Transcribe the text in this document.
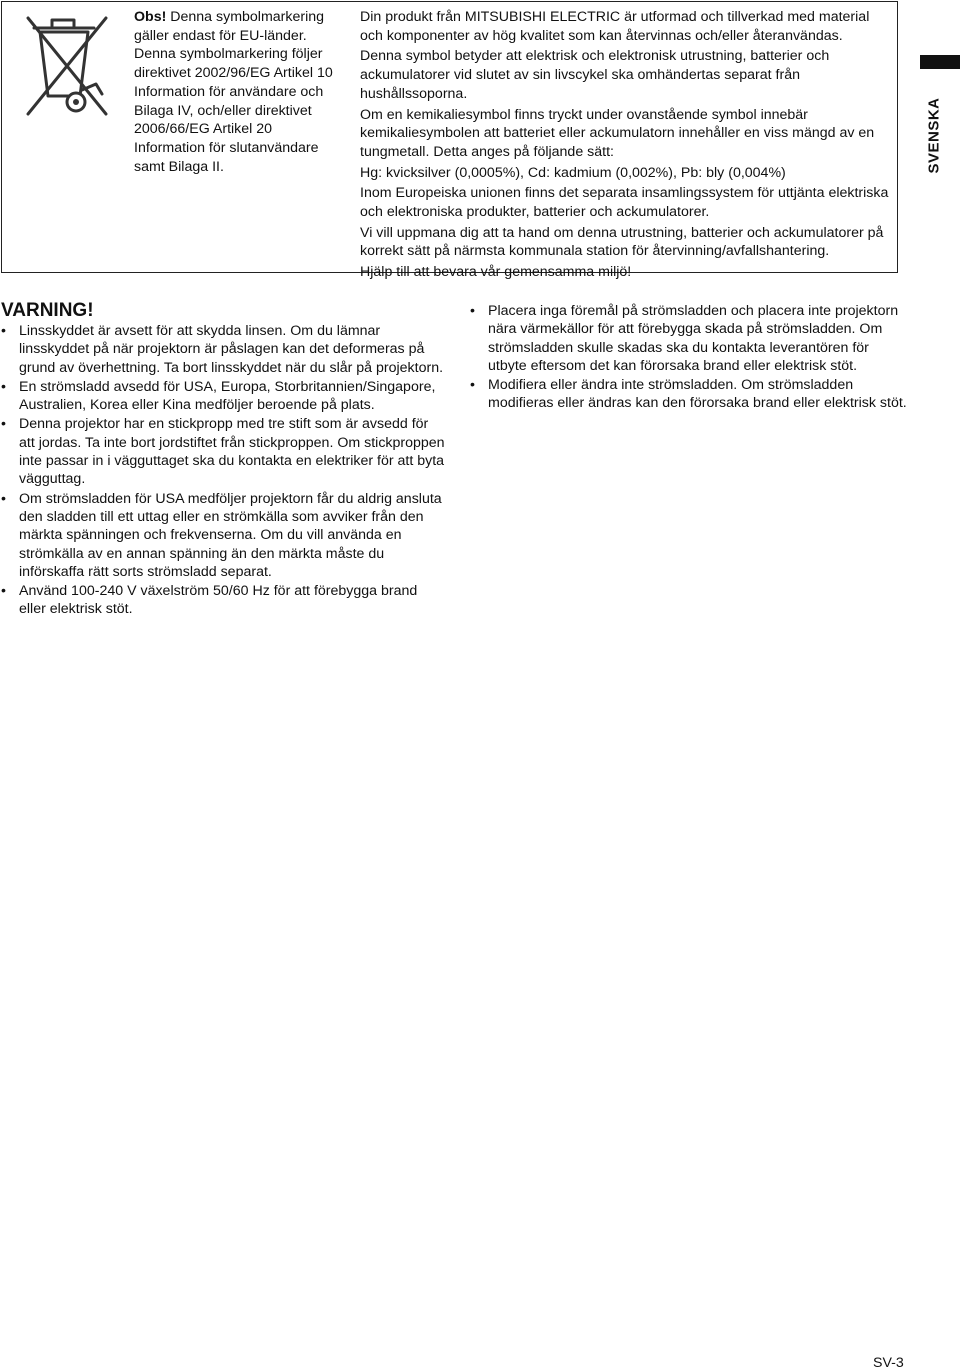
Obs! Denna symbolmarkering gäller endast för EU-länder.

Denna symbolmarkering följer direktivet 2002/96/EG Artikel 10 Information för användare och Bilaga IV, och/eller direktivet 2006/66/EG Artikel 20 Information för slutanvändare samt Bilaga II.

Din produkt från MITSUBISHI ELECTRIC är utformad och tillverkad med material och komponenter av hög kvalitet som kan återvinnas och/eller återanvändas.

Denna symbol betyder att elektrisk och elektronisk utrustning, batterier och ackumulatorer vid slutet av sin livscykel ska omhändertas separat från hushållssoporna.

Om en kemikaliesymbol finns tryckt under ovanstående symbol innebär kemikaliesymbolen att batteriet eller ackumulatorn innehåller en viss mängd av en tungmetall. Detta anges på följande sätt:

Hg: kvicksilver (0,0005%), Cd: kadmium (0,002%), Pb: bly (0,004%)

Inom Europeiska unionen finns det separata insamlingssystem för uttjänta elektriska och elektroniska produkter, batterier och ackumulatorer.

Vi vill uppmana dig att ta hand om denna utrustning, batterier och ackumulatorer på korrekt sätt på närmsta kommunala station för återvinning/avfallshantering.

Hjälp till att bevara vår gemensamma miljö!

SVENSKA
VARNING!
• Linsskyddet är avsett för att skydda linsen. Om du lämnar linsskyddet på när projektorn är påslagen kan det deformeras på grund av överhettning. Ta bort linsskyddet när du slår på projektorn.
• En strömsladd avsedd för USA, Europa, Storbritannien/Singapore, Australien, Korea eller Kina medföljer beroende på plats.
• Denna projektor har en stickpropp med tre stift som är avsedd för att jordas. Ta inte bort jordstiftet från stickproppen. Om stickproppen inte passar in i vägguttaget ska du kontakta en elektriker för att byta vägguttag.
• Om strömsladden för USA medföljer projektorn får du aldrig ansluta den sladden till ett uttag eller en strömkälla som avviker från den märkta spänningen och frekvenserna. Om du vill använda en strömkälla av en annan spänning än den märkta måste du införskaffa rätt sorts strömsladd separat.
• Använd 100-240 V växelström 50/60 Hz för att förebygga brand eller elektrisk stöt.
• Placera inga föremål på strömsladden och placera inte projektorn nära värmekällor för att förebygga skada på strömsladden. Om strömsladden skulle skadas ska du kontakta leverantören för utbyte eftersom det kan förorsaka brand eller elektrisk stöt.
• Modifiera eller ändra inte strömsladden. Om strömsladden modifieras eller ändras kan den förorsaka brand eller elektrisk stöt.
SV-3
